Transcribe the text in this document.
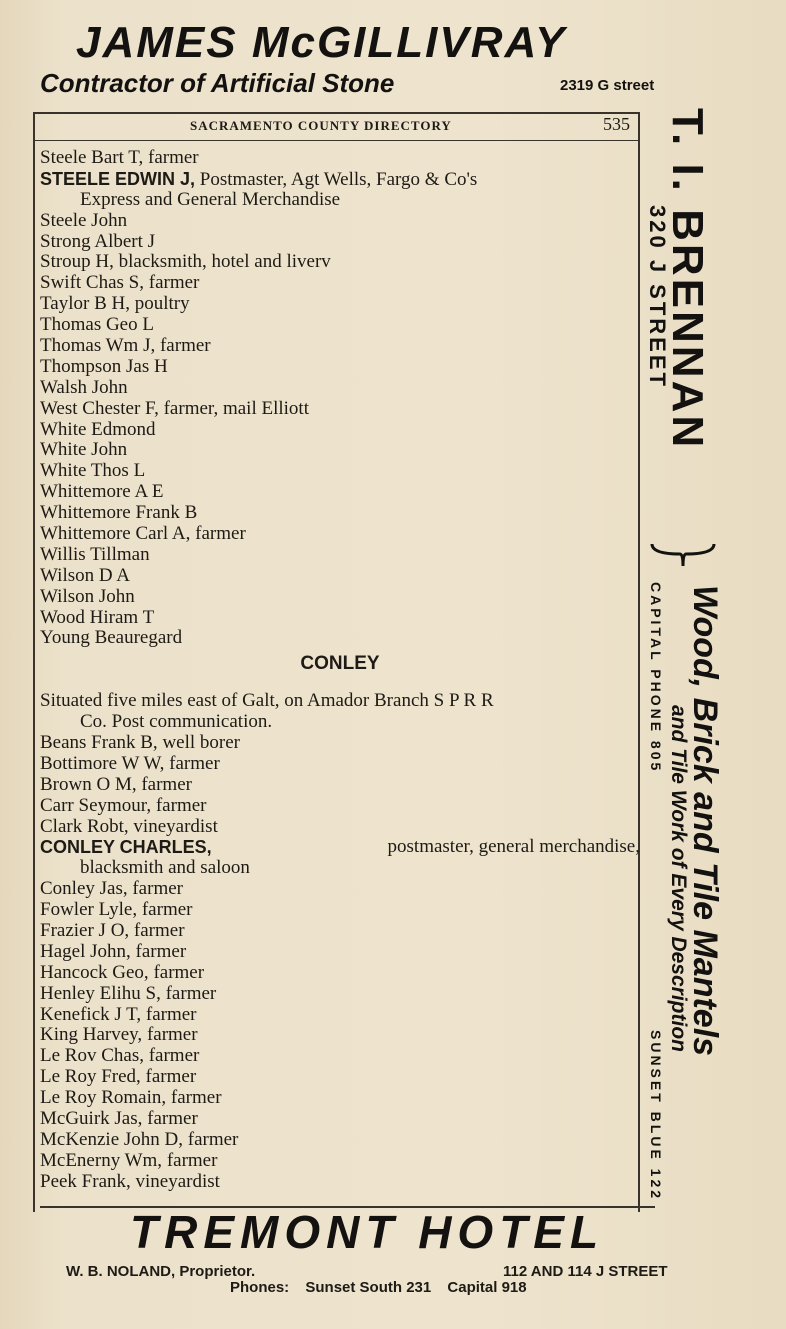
JAMES McGILLIVRAY

Contractor of Artificial Stone	2319 G street
SACRAMENTO COUNTY DIRECTORY	535
Steele Bart T, farmer
STEELE EDWIN J, Postmaster, Agt Wells, Fargo & Co's
Express and General Merchandise
Steele John
Strong Albert J
Stroup H, blacksmith, hotel and liverv
Swift Chas S, farmer
Taylor B H, poultry
Thomas Geo L
Thomas Wm J, farmer
Thompson Jas H
Walsh John
West Chester F, farmer, mail Elliott
White Edmond
White John
White Thos L
Whittemore A E
Whittemore Frank B
Whittemore Carl A, farmer
Willis Tillman
Wilson D A
Wilson John
Wood Hiram T
Young Beauregard
CONLEY
Situated five miles east of Galt, on Amador Branch S P R R
Co. Post communication.
Beans Frank B, well borer
Bottimore W W, farmer
Brown O M, farmer
Carr Seymour, farmer
Clark Robt, vineyardist
CONLEY CHARLES,	postmaster, general merchandise,
blacksmith and saloon
Conley Jas, farmer
Fowler Lyle, farmer
Frazier J O, farmer
Hagel John, farmer
Hancock Geo, farmer
Henley Elihu S, farmer
Kenefick J T, farmer
King Harvey, farmer
Le Rov Chas, farmer
Le Roy Fred, farmer
Le Roy Romain, farmer
McGuirk Jas, farmer
McKenzie John D, farmer
McEnerny Wm, farmer
Peek Frank, vineyardist
T. I. BRENNAN
320 J STREET
CAPITAL PHONE 805
SUNSET BLUE 122
Wood, Brick and Tile Mantels
and Tile Work of Every Description
TREMONT HOTEL
W. B. NOLAND, Proprietor.	112 AND 114 J STREET
Phones: Sunset South 231 Capital 918
